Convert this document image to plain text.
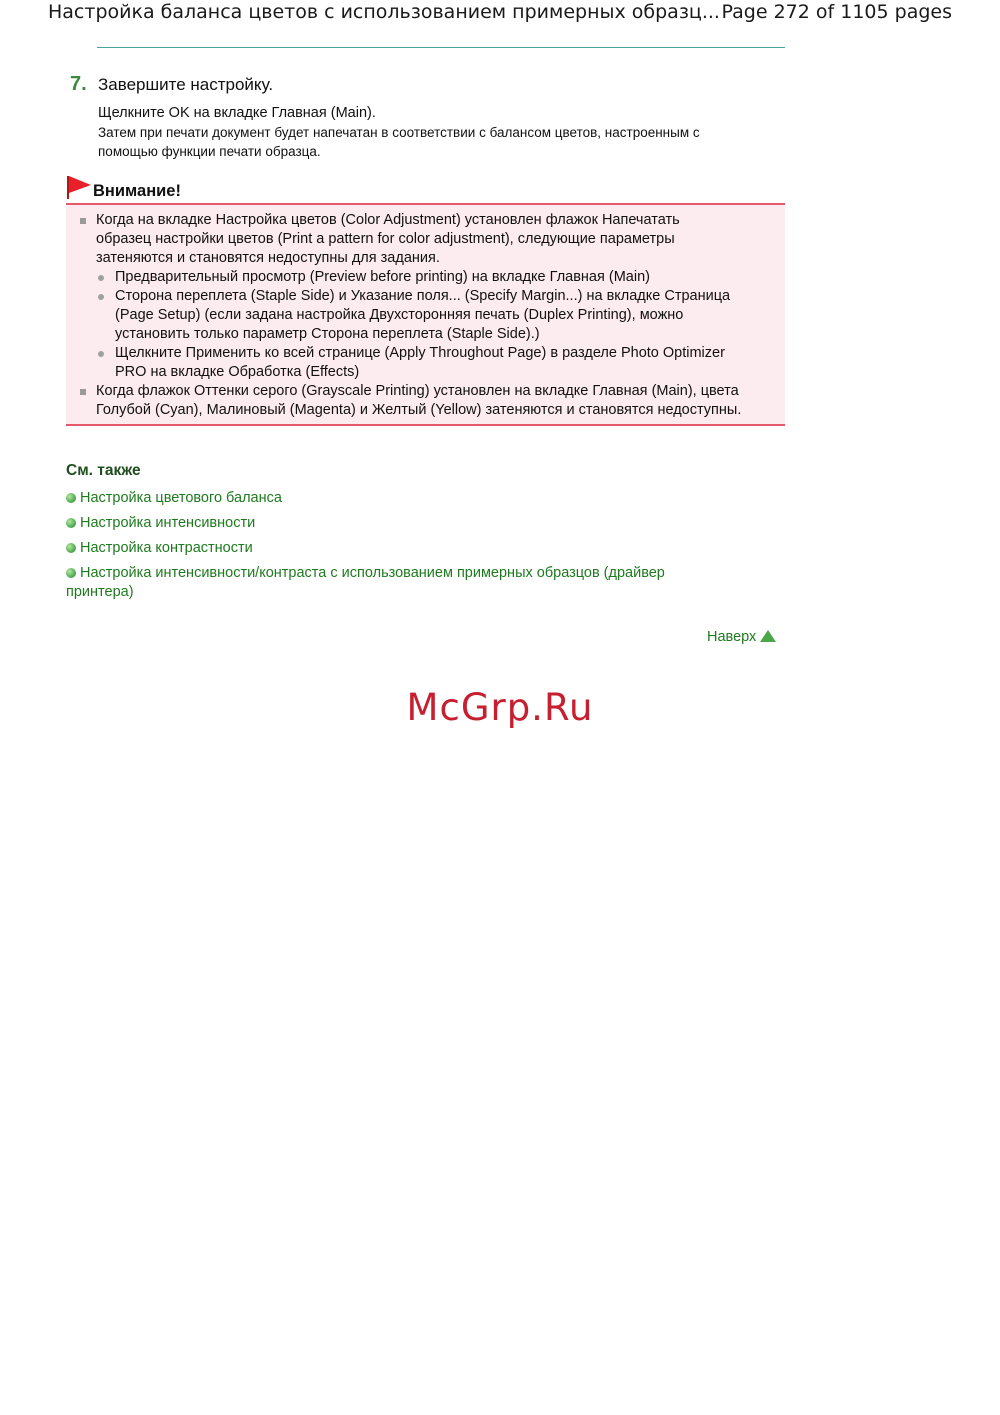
Настройка баланса цветов с использованием примерных образц... Page 272 of 1105 pages
7. Завершите настройку.
Щелкните OK на вкладке Главная (Main).
Затем при печати документ будет напечатан в соответствии с балансом цветов, настроенным с
помощью функции печати образца.
Внимание!
Когда на вкладке Настройка цветов (Color Adjustment) установлен флажок Напечатать
образец настройки цветов (Print a pattern for color adjustment), следующие параметры
затеняются и становятся недоступны для задания.
Предварительный просмотр (Preview before printing) на вкладке Главная (Main)
Сторона переплета (Staple Side) и Указание поля... (Specify Margin...) на вкладке Страница
(Page Setup) (если задана настройка Двухсторонняя печать (Duplex Printing), можно
установить только параметр Сторона переплета (Staple Side).)
Щелкните Применить ко всей странице (Apply Throughout Page) в разделе Photo Optimizer
PRO на вкладке Обработка (Effects)
Когда флажок Оттенки серого (Grayscale Printing) установлен на вкладке Главная (Main), цвета
Голубой (Cyan), Малиновый (Magenta) и Желтый (Yellow) затеняются и становятся недоступны.
См. также
Настройка цветового баланса
Настройка интенсивности
Настройка контрастности
Настройка интенсивности/контраста с использованием примерных образцов (драйвер
принтера)
Наверх
McGrp.Ru
